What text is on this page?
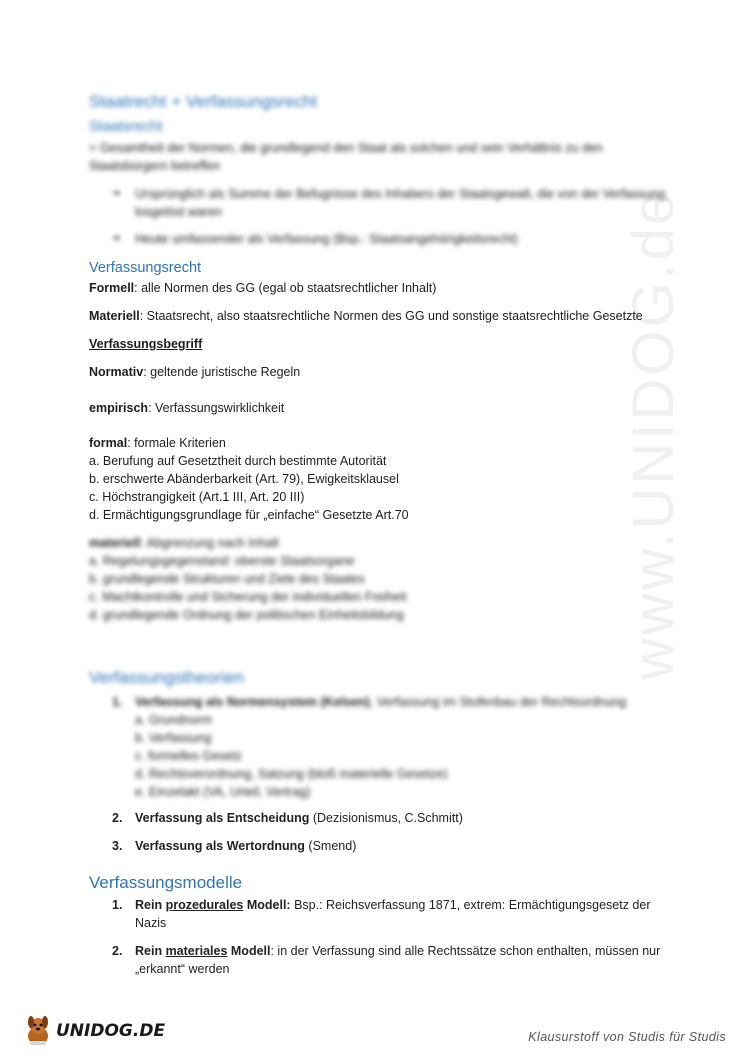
www.UNIDOG.de
Staatrecht + Verfassungsrecht
Staatsrecht
= Gesamtheit der Normen, die grundlegend den Staat als solchen und sein Verhältnis zu den
Staatsbürgern betreffen
➔ Ursprünglich als Summe der Befugnisse des Inhabers der Staatsgewalt, die von der Verfassung
losgelöst waren
➔ Heute umfassender als Verfassung (Bsp.: Staatsangehörigkeitsrecht)
Verfassungsrecht
Formell: alle Normen des GG (egal ob staatsrechtlicher Inhalt)
Materiell: Staatsrecht, also staatsrechtliche Normen des GG und sonstige staatsrechtliche Gesetzte
Verfassungsbegriff
Normativ: geltende juristische Regeln
empirisch: Verfassungswirklichkeit
formal: formale Kriterien
a. Berufung auf Gesetztheit durch bestimmte Autorität
b. erschwerte Abänderbarkeit (Art. 79), Ewigkeitsklausel
c. Höchstrangigkeit (Art.1 III, Art. 20 III)
d. Ermächtigungsgrundlage für „einfache“ Gesetzte Art.70
materiell: Abgrenzung nach Inhalt
a. Regelungsgegenstand: oberste Staatsorgane
b. grundlegende Strukturen und Ziele des Staates
c. Machtkontrolle und Sicherung der individuellen Freiheit
d. grundlegende Ordnung der politischen Einheitsbildung
Verfassungstheorien
1. Verfassung als Normensystem (Kelsen), Verfassung im Stufenbau der Rechtsordnung
a. Grundnorm
b. Verfassung
c. formelles Gesetz
d. Rechtsverordnung, Satzung (bloß materielle Gesetze)
e. Einzelakt (VA, Urteil, Vertrag)
2. Verfassung als Entscheidung (Dezisionismus, C.Schmitt)
3. Verfassung als Wertordnung (Smend)
Verfassungsmodelle
1. Rein prozedurales Modell: Bsp.: Reichsverfassung 1871, extrem: Ermächtigungsgesetz der
Nazis
2. Rein materiales Modell: in der Verfassung sind alle Rechtssätze schon enthalten, müssen nur
„erkannt“ werden
UNIDOG.DE	Klausurstoff von Studis für Studis
